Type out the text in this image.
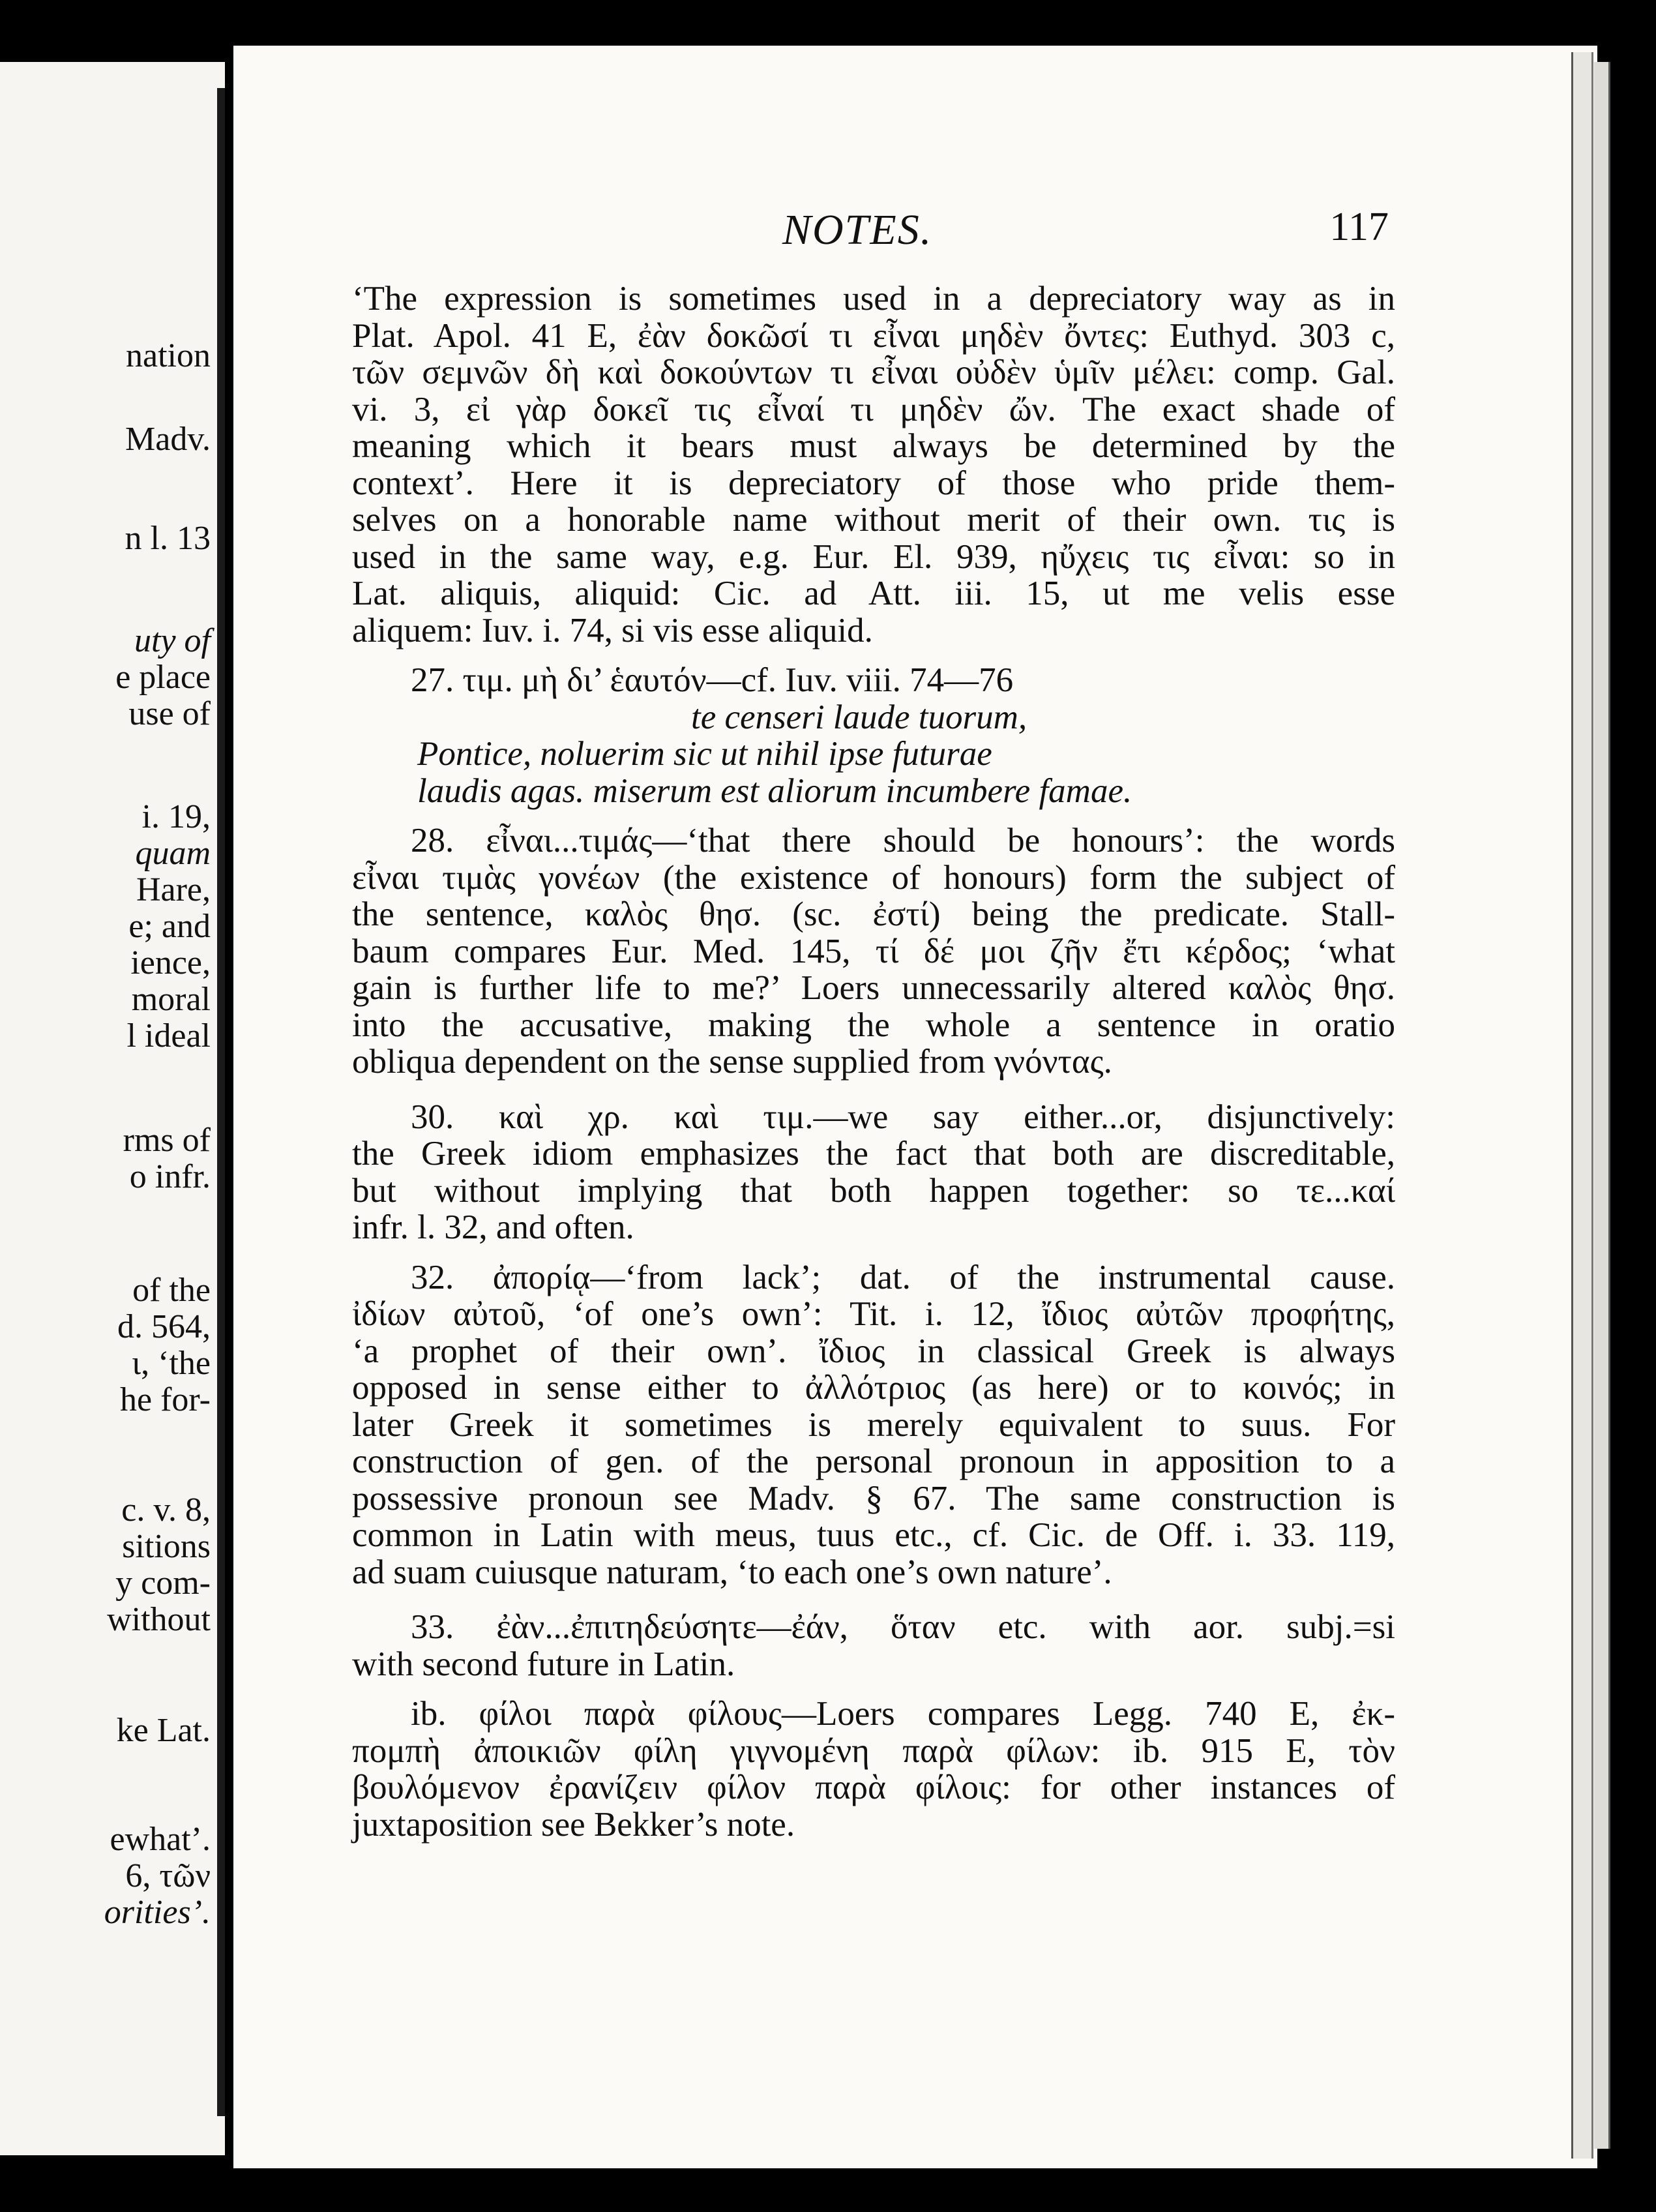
nation
Madv.
n l. 13
uty of
e place
use of
i. 19,
quam
Hare,
e; and
ience,
moral
l ideal
rms of
o infr.
of the
d. 564,
ι, ‘the
he for-
c. v. 8,
sitions
y com-
without
ke Lat.
ewhat’.
6, τῶν
orities’.
NOTES.	117
‘The expression is sometimes used in a depreciatory way as in
Plat. Apol. 41 E, ἐὰν δοκῶσί τι εἶναι μηδὲν ὄντες: Euthyd. 303 c,
τῶν σεμνῶν δὴ καὶ δοκούντων τι εἶναι οὐδὲν ὑμῖν μέλει: comp. Gal.
vi. 3, εἰ γὰρ δοκεῖ τις εἶναί τι μηδὲν ὤν. The exact shade of
meaning which it bears must always be determined by the
context’. Here it is depreciatory of those who pride them-
selves on a honorable name without merit of their own. τις is
used in the same way, e.g. Eur. El. 939, ηὔχεις τις εἶναι: so in
Lat. aliquis, aliquid: Cic. ad Att. iii. 15, ut me velis esse
aliquem: Iuv. i. 74, si vis esse aliquid.
27. τιμ. μὴ δι’ ἑαυτόν—cf. Iuv. viii. 74—76
te censeri laude tuorum,
Pontice, noluerim sic ut nihil ipse futurae
laudis agas. miserum est aliorum incumbere famae.
28. εἶναι...τιμάς—‘that there should be honours’: the words
εἶναι τιμὰς γονέων (the existence of honours) form the subject of
the sentence, καλὸς θησ. (sc. ἐστί) being the predicate. Stall-
baum compares Eur. Med. 145, τί δέ μοι ζῆν ἔτι κέρδος; ‘what
gain is further life to me?’ Loers unnecessarily altered καλὸς θησ.
into the accusative, making the whole a sentence in oratio
obliqua dependent on the sense supplied from γνόντας.
30. καὶ χρ. καὶ τιμ.—we say either...or, disjunctively:
the Greek idiom emphasizes the fact that both are discreditable,
but without implying that both happen together: so τε...καί
infr. l. 32, and often.
32. ἀπορίᾳ—‘from lack’; dat. of the instrumental cause.
ἰδίων αὐτοῦ, ‘of one’s own’: Tit. i. 12, ἴδιος αὐτῶν προφήτης,
‘a prophet of their own’. ἴδιος in classical Greek is always
opposed in sense either to ἀλλότριος (as here) or to κοινός; in
later Greek it sometimes is merely equivalent to suus. For
construction of gen. of the personal pronoun in apposition to a
possessive pronoun see Madv. § 67. The same construction is
common in Latin with meus, tuus etc., cf. Cic. de Off. i. 33. 119,
ad suam cuiusque naturam, ‘to each one’s own nature’.
33. ἐὰν...ἐπιτηδεύσητε—ἐάν, ὅταν etc. with aor. subj.=si
with second future in Latin.
ib. φίλοι παρὰ φίλους—Loers compares Legg. 740 E, ἐκ-
πομπὴ ἀποικιῶν φίλη γιγνομένη παρὰ φίλων: ib. 915 E, τὸν
βουλόμενον ἐρανίζειν φίλον παρὰ φίλοις: for other instances of
juxtaposition see Bekker’s note.
